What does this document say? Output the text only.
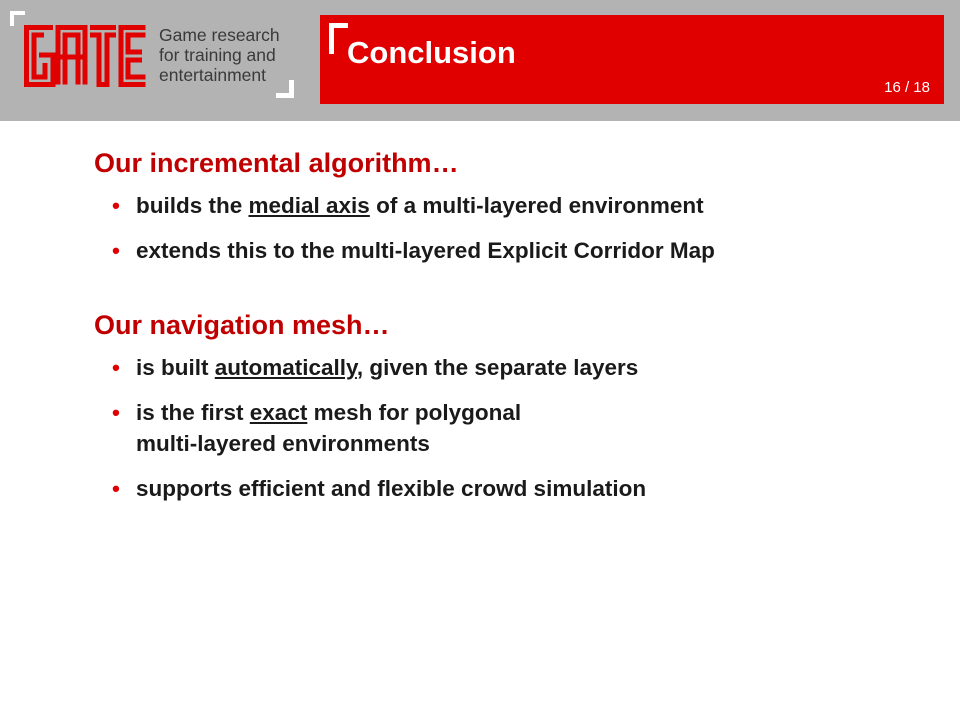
Game research
for training and
entertainment
Conclusion
16 / 18
Our incremental algorithm…
• builds the medial axis of a multi-layered environment
• extends this to the multi-layered Explicit Corridor Map
Our navigation mesh…
• is built automatically, given the separate layers
• is the first exact mesh for polygonal
multi-layered environments
• supports efficient and flexible crowd simulation
